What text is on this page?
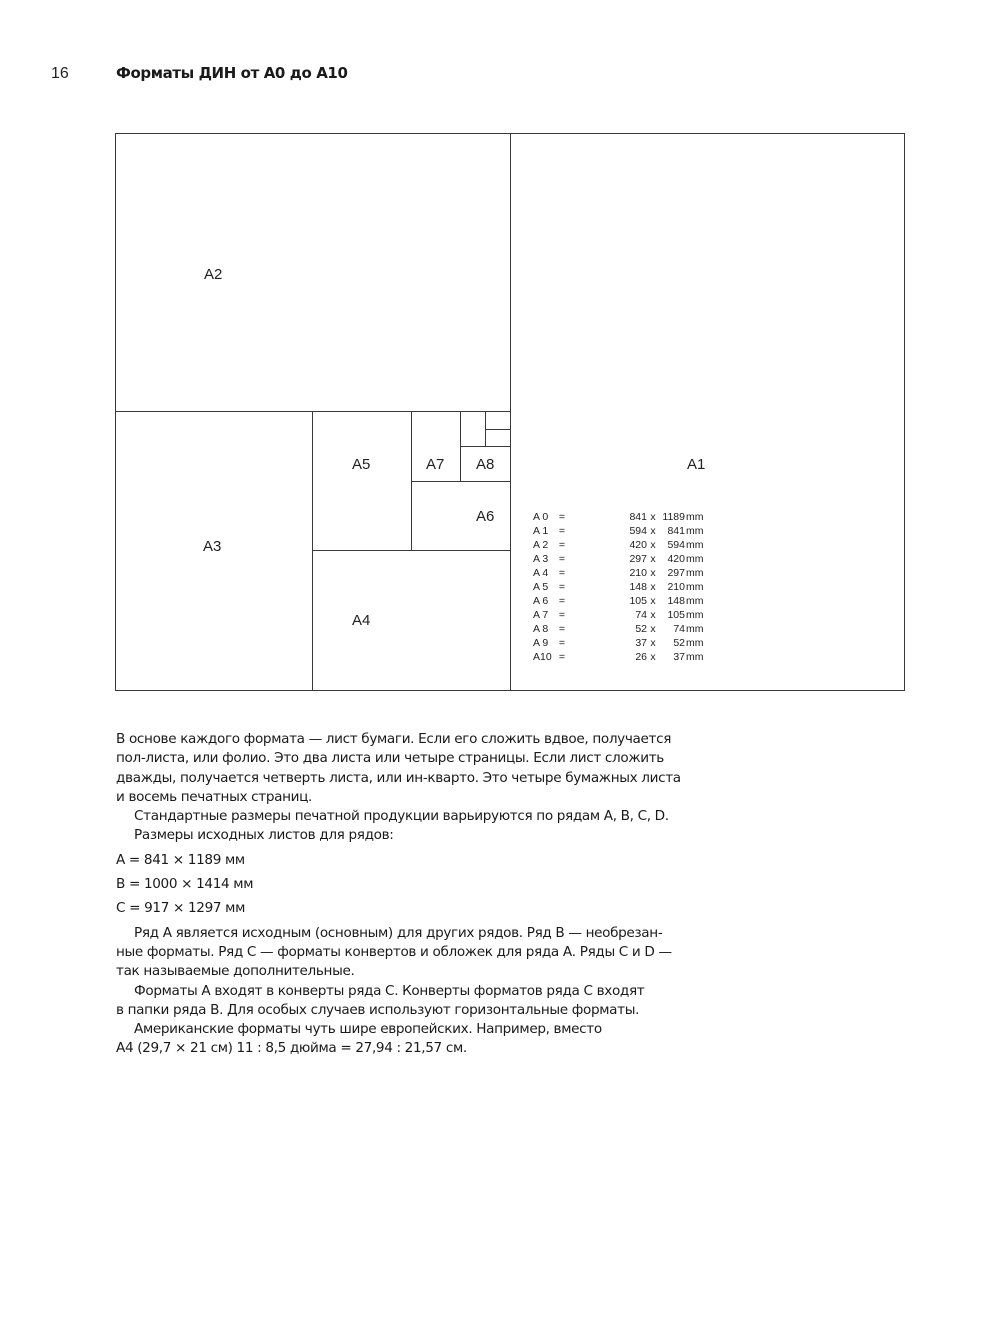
16	Форматы ДИН от А0 до А10
A2
A3
A4
A5
A6
A7 A8	A1
A 0 =	841 x 1189 mm
A 1 =	594 x 841 mm
A 2 =	420 x 594 mm
A 3 =	297 x 420 mm
A 4 =	210 x 297 mm
A 5 =	148 x 210 mm
A 6 =	105 x 148 mm
A 7 =	74 x 105 mm
A 8 =	52 x 74 mm
A 9 =	37 x 52 mm
A10 =	26 x 37 mm
В основе каждого формата — лист бумаги. Если его сложить вдвое, получается
пол-листа, или фолио. Это два листа или четыре страницы. Если лист сложить
дважды, получается четверть листа, или ин-кварто. Это четыре бумажных листа
и восемь печатных страниц.
Стандартные размеры печатной продукции варьируются по рядам А, B, C, D.
Размеры исходных листов для рядов:
A = 841 × 1189 мм
B = 1000 × 1414 мм
C = 917 × 1297 мм
Ряд А является исходным (основным) для других рядов. Ряд B — необрезан-
ные форматы. Ряд С — форматы конвертов и обложек для ряда А. Ряды С и D —
так называемые дополнительные.
Форматы А входят в конверты ряда С. Конверты форматов ряда С входят
в папки ряда B. Для особых случаев используют горизонтальные форматы.
Американские форматы чуть шире европейских. Например, вместо
А4 (29,7 × 21 см) 11 : 8,5 дюйма = 27,94 : 21,57 см.
